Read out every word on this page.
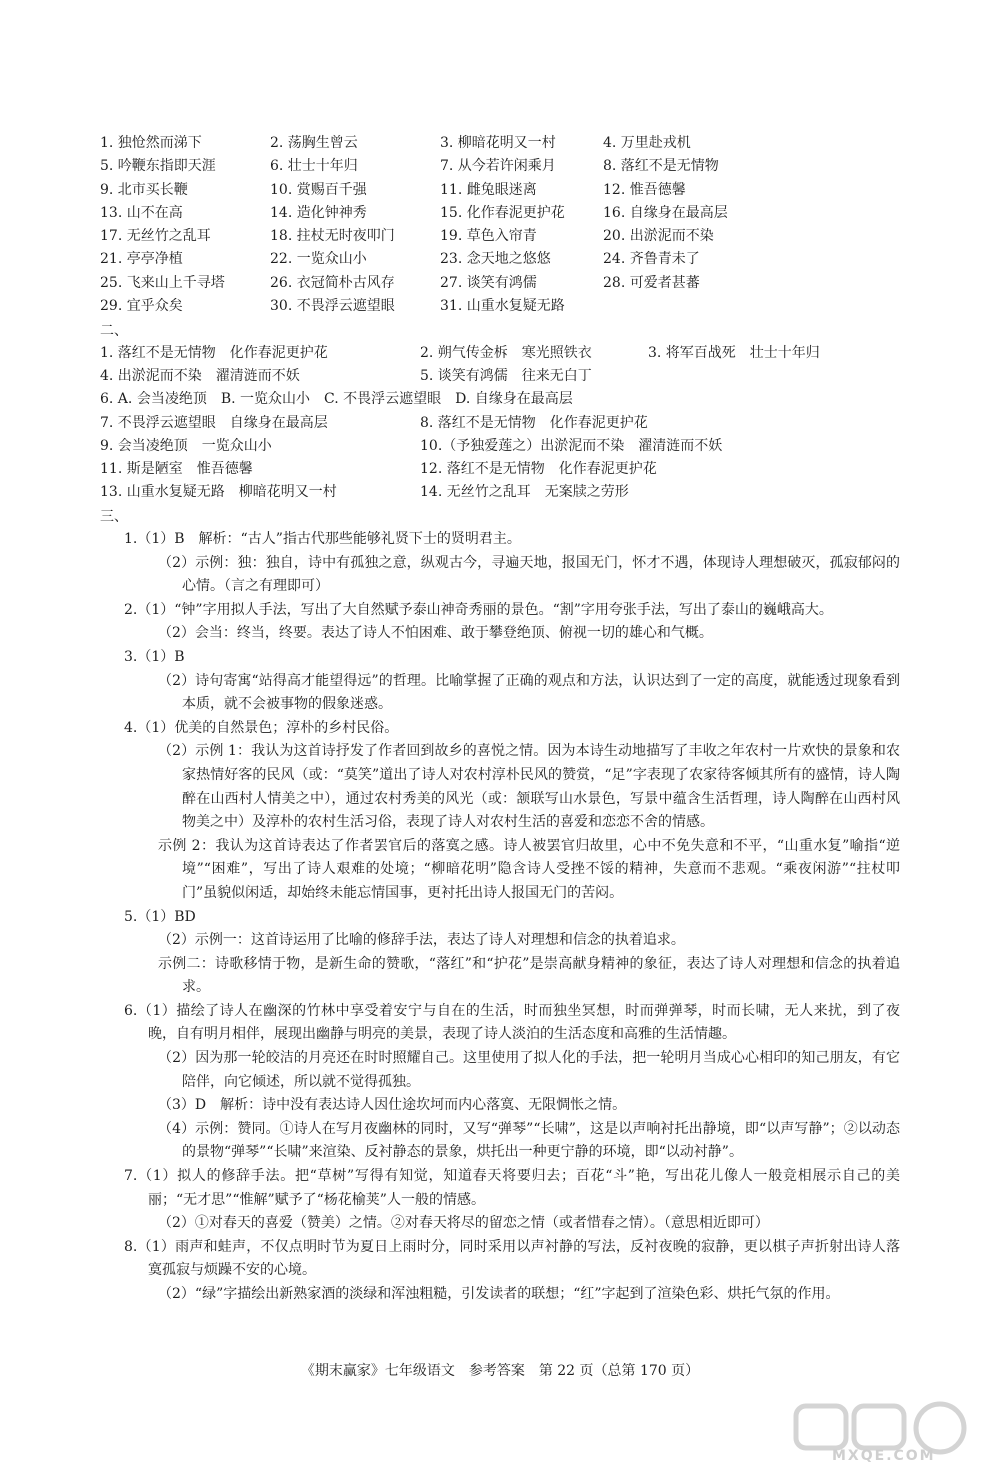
1. 独怆然而涕下	2. 荡胸生曾云	3. 柳暗花明又一村	4. 万里赴戎机
5. 吟鞭东指即天涯	6. 壮士十年归	7. 从今若许闲乘月	8. 落红不是无情物
9. 北市买长鞭	10. 赏赐百千强	11. 雌兔眼迷离	12. 惟吾德馨
13. 山不在高	14. 造化钟神秀	15. 化作春泥更护花	16. 自缘身在最高层
17. 无丝竹之乱耳	18. 拄杖无时夜叩门	19. 草色入帘青	20. 出淤泥而不染
21. 亭亭净植	22. 一览众山小	23. 念天地之悠悠	24. 齐鲁青未了
25. 飞来山上千寻塔	26. 衣冠简朴古风存	27. 谈笑有鸿儒	28. 可爱者甚蕃
29. 宜乎众矣	30. 不畏浮云遮望眼	31. 山重水复疑无路
二、
1. 落红不是无情物　化作春泥更护花	2. 朔气传金柝　寒光照铁衣	3. 将军百战死　壮士十年归
4. 出淤泥而不染　濯清涟而不妖	5. 谈笑有鸿儒　往来无白丁
6. A. 会当凌绝顶　B. 一览众山小　C. 不畏浮云遮望眼　D. 自缘身在最高层
7. 不畏浮云遮望眼　自缘身在最高层	8. 落红不是无情物　化作春泥更护花
9. 会当凌绝顶　一览众山小	10.（予独爱莲之）出淤泥而不染　濯清涟而不妖
11. 斯是陋室　惟吾德馨	12. 落红不是无情物　化作春泥更护花
13. 山重水复疑无路　柳暗花明又一村	14. 无丝竹之乱耳　无案牍之劳形
三、
1.（1）B　解析：“古人”指古代那些能够礼贤下士的贤明君主。
（2）示例：独：独自，诗中有孤独之意，纵观古今，寻遍天地，报国无门，怀才不遇，体现诗人理想破灭，孤寂郁闷的心情。（言之有理即可）
2.（1）“钟”字用拟人手法，写出了大自然赋予泰山神奇秀丽的景色。“割”字用夸张手法，写出了泰山的巍峨高大。
（2）会当：终当，终要。表达了诗人不怕困难、敢于攀登绝顶、俯视一切的雄心和气概。
3.（1）B
（2）诗句寄寓“站得高才能望得远”的哲理。比喻掌握了正确的观点和方法，认识达到了一定的高度，就能透过现象看到本质，就不会被事物的假象迷惑。
4.（1）优美的自然景色；淳朴的乡村民俗。
（2）示例 1：我认为这首诗抒发了作者回到故乡的喜悦之情。因为本诗生动地描写了丰收之年农村一片欢快的景象和农家热情好客的民风（或：“莫笑”道出了诗人对农村淳朴民风的赞赏，“足”字表现了农家待客倾其所有的盛情，诗人陶醉在山西村人情美之中），通过农村秀美的风光（或：颔联写山水景色，写景中蕴含生活哲理，诗人陶醉在山西村风物美之中）及淳朴的农村生活习俗，表现了诗人对农村生活的喜爱和恋恋不舍的情感。
示例 2：我认为这首诗表达了作者罢官后的落寞之感。诗人被罢官归故里，心中不免失意和不平，“山重水复”喻指“逆境”“困难”，写出了诗人艰难的处境；“柳暗花明”隐含诗人受挫不馁的精神，失意而不悲观。“乘夜闲游”“拄杖叩门”虽貌似闲适，却始终未能忘情国事，更衬托出诗人报国无门的苦闷。
5.（1）BD
（2）示例一：这首诗运用了比喻的修辞手法，表达了诗人对理想和信念的执着追求。
示例二：诗歌移情于物，是新生命的赞歌，“落红”和“护花”是崇高献身精神的象征，表达了诗人对理想和信念的执着追求。
6.（1）描绘了诗人在幽深的竹林中享受着安宁与自在的生活，时而独坐冥想，时而弹弹琴，时而长啸，无人来扰，到了夜晚，自有明月相伴，展现出幽静与明亮的美景，表现了诗人淡泊的生活态度和高雅的生活情趣。
（2）因为那一轮皎洁的月亮还在时时照耀自己。这里使用了拟人化的手法，把一轮明月当成心心相印的知己朋友，有它陪伴，向它倾述，所以就不觉得孤独。
（3）D　解析：诗中没有表达诗人因仕途坎坷而内心落寞、无限惆怅之情。
（4）示例：赞同。①诗人在写月夜幽林的同时，又写“弹琴”“长啸”，这是以声响衬托出静境，即“以声写静”；②以动态的景物“弹琴”“长啸”来渲染、反衬静态的景象，烘托出一种更宁静的环境，即“以动衬静”。
7.（1）拟人的修辞手法。把“草树”写得有知觉，知道春天将要归去；百花“斗”艳，写出花儿像人一般竞相展示自己的美丽；“无才思”“惟解”赋予了“杨花榆荚”人一般的情感。
（2）①对春天的喜爱（赞美）之情。②对春天将尽的留恋之情（或者惜春之情）。（意思相近即可）
8.（1）雨声和蛙声，不仅点明时节为夏日上雨时分，同时采用以声衬静的写法，反衬夜晚的寂静，更以棋子声折射出诗人落寞孤寂与烦躁不安的心境。
（2）“绿”字描绘出新熟家酒的淡绿和浑浊粗糙，引发读者的联想；“红”字起到了渲染色彩、烘托气氛的作用。
《期末赢家》七年级语文　参考答案　第 22 页（总第 170 页）
MXQE.COM
